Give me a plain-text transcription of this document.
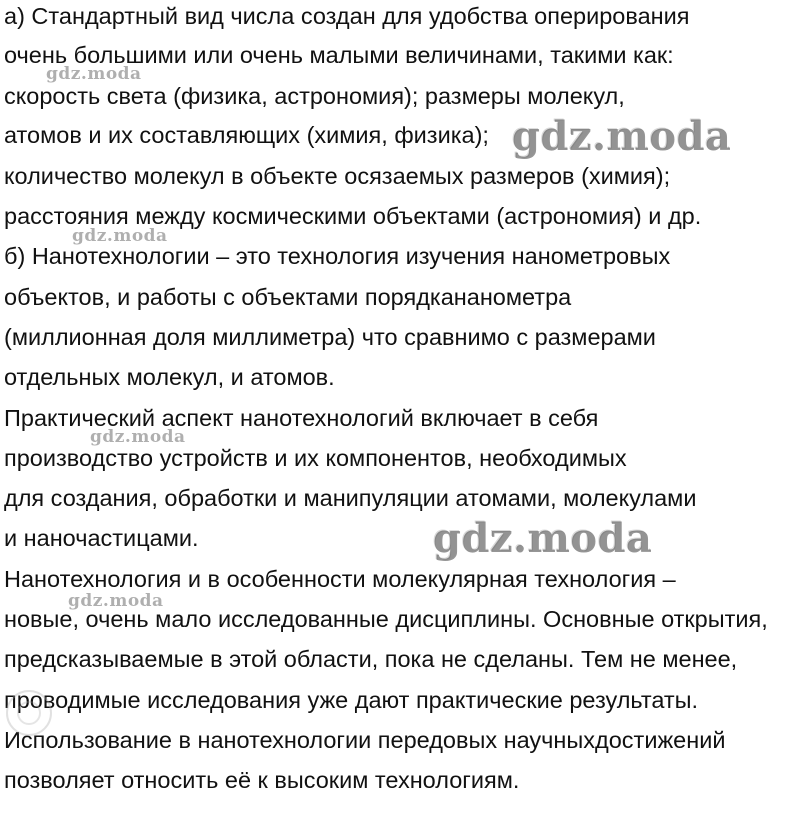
а) Стандартный вид числа создан для удобства оперирования
очень большими или очень малыми величинами, такими как:
скорость света (физика, астрономия); размеры молекул,
атомов и их составляющих (химия, физика);
количество молекул в объекте осязаемых размеров (химия);
расстояния между космическими объектами (астрономия) и др.
б) Нанотехнологии – это технология изучения нанометровых
объектов, и работы с объектами порядкананометра
(миллионная доля миллиметра) что сравнимо с размерами
отдельных молекул, и атомов.
Практический аспект нанотехнологий включает в себя
производство устройств и их компонентов, необходимых
для создания, обработки и манипуляции атомами, молекулами
и наночастицами.
Нанотехнология и в особенности молекулярная технология –
новые, очень мало исследованные дисциплины. Основные открытия,
предсказываемые в этой области, пока не сделаны. Тем не менее,
проводимые исследования уже дают практические результаты.
Использование в нанотехнологии передовых научныхдостижений
позволяет относить её к высоким технологиям.
gdz.moda
gdz.moda
gdz.moda
gdz.moda
gdz.moda
gdz.moda
